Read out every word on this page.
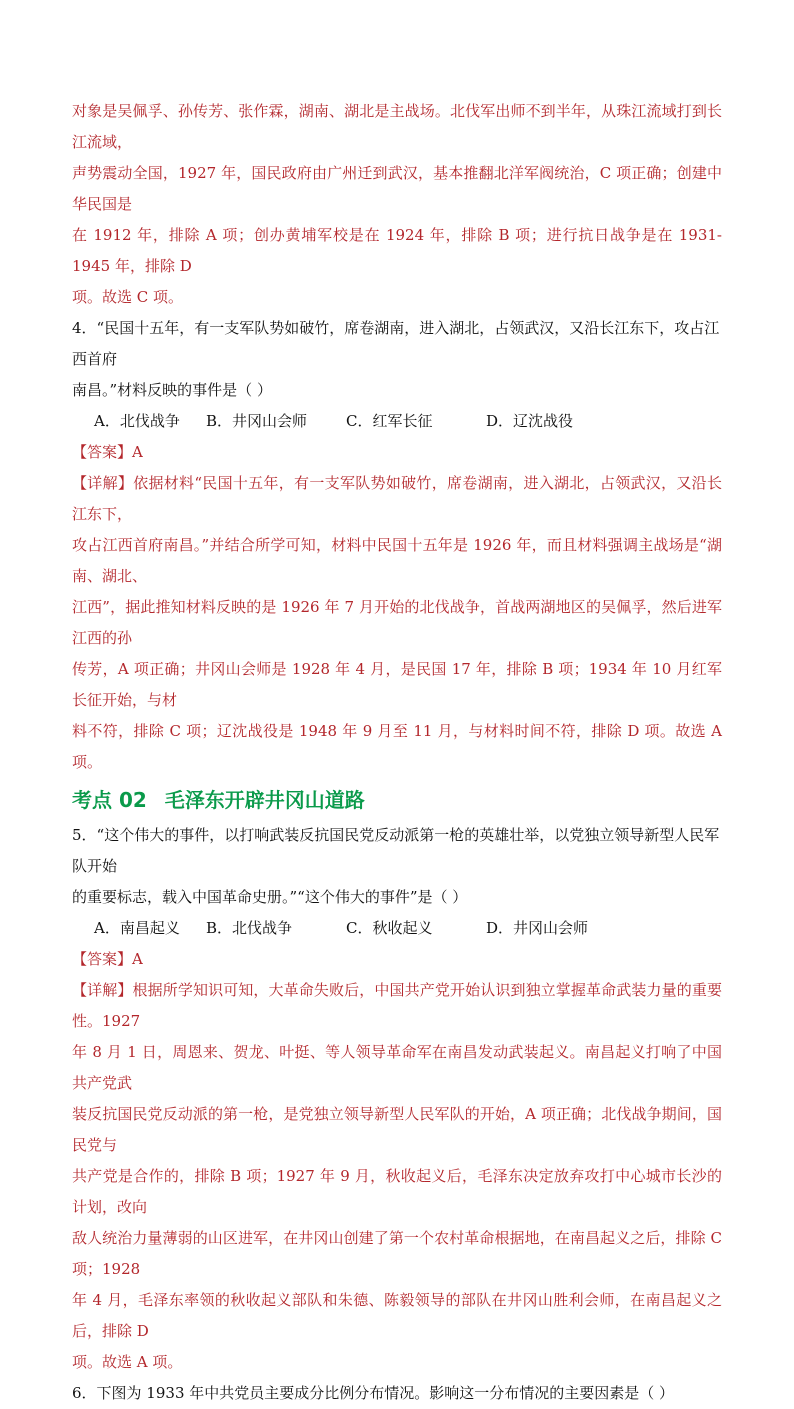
对象是吴佩孚、孙传芳、张作霖，湖南、湖北是主战场。北伐军出师不到半年，从珠江流域打到长江流域，

声势震动全国，1927 年，国民政府由广州迁到武汉，基本推翻北洋军阀统治，C 项正确；创建中华民国是

在 1912 年，排除 A 项；创办黄埔军校是在 1924 年，排除 B 项；进行抗日战争是在 1931-1945 年，排除 D

项。故选 C 项。

4．“民国十五年，有一支军队势如破竹，席卷湖南，进入湖北，占领武汉，又沿长江东下，攻占江西首府

南昌。”材料反映的事件是（ ）

A．北伐战争	B．井冈山会师	C．红军长征	D．辽沈战役

【答案】A

【详解】依据材料“民国十五年，有一支军队势如破竹，席卷湖南，进入湖北，占领武汉，又沿长江东下，

攻占江西首府南昌。”并结合所学可知，材料中民国十五年是 1926 年，而且材料强调主战场是“湖南、湖北、

江西”，据此推知材料反映的是 1926 年 7 月开始的北伐战争，首战两湖地区的吴佩孚，然后进军江西的孙

传芳，A 项正确；井冈山会师是 1928 年 4 月，是民国 17 年，排除 B 项；1934 年 10 月红军长征开始，与材

料不符，排除 C 项；辽沈战役是 1948 年 9 月至 11 月，与材料时间不符，排除 D 项。故选 A 项。

考点 02 毛泽东开辟井冈山道路

5．“这个伟大的事件，以打响武装反抗国民党反动派第一枪的英雄壮举，以党独立领导新型人民军队开始

的重要标志，载入中国革命史册。”“这个伟大的事件”是（ ）

A．南昌起义	B．北伐战争	C．秋收起义	D．井冈山会师

【答案】A

【详解】根据所学知识可知，大革命失败后，中国共产党开始认识到独立掌握革命武装力量的重要性。1927

年 8 月 1 日，周恩来、贺龙、叶挺、等人领导革命军在南昌发动武装起义。南昌起义打响了中国共产党武

装反抗国民党反动派的第一枪，是党独立领导新型人民军队的开始，A 项正确；北伐战争期间，国民党与

共产党是合作的，排除 B 项；1927 年 9 月，秋收起义后，毛泽东决定放弃攻打中心城市长沙的计划，改向

敌人统治力量薄弱的山区进军，在井冈山创建了第一个农村革命根据地，在南昌起义之后，排除 C 项；1928

年 4 月，毛泽东率领的秋收起义部队和朱德、陈毅领导的部队在井冈山胜利会师，在南昌起义之后，排除 D

项。故选 A 项。

6．下图为 1933 年中共党员主要成分比例分布情况。影响这一分布情况的主要因素是（ ）
